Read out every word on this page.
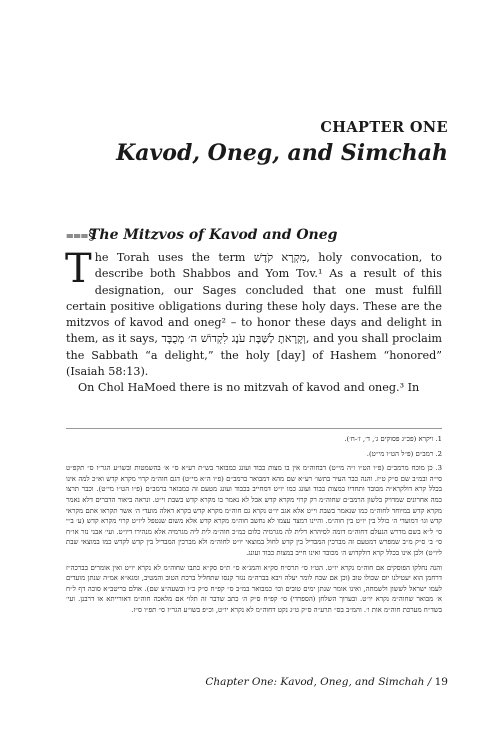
CHAPTER ONE
Kavod, Oneg, and Simchah
⩶§
The Mitzvos of Kavod and Oneg

The Torah uses the term מִקְרָא קֹדֶשׁ, holy convocation, to describe both Shabbos and Yom Tov.¹ As a result of this designation, our Sages concluded that one must fulfill certain positive obligations during these holy days. These are the mitzvos of kavod and oneg² – to honor these days and delight in them, as it says, וְקָרָאתָ לַשַּׁבָּת עֹנֶג לִקְדוֹשׁ ה׳ מְכֻבָּד, and you shall proclaim the Sabbath “a delight,” the holy [day] of Hashem “honored” (Isaiah 58:13).

On Chol HaMoed there is no mitzvah of kavod and oneg.³ In

1. ויקרא (פכ״ג פסוקים ג׳, ד׳, ז׳-ח׳).

2. רמב״ם (פ״ל הט״ו מי״ט).

3. כן מוכח מרמב״ם (פ״ו הט״ו ו״ה מי״ט) דבחוה״מ אין בו מצות כבוד ועונג כמבואר בש״ת רע״א ס״ א׳ בהשמטות ובשו״ע הגר״ז ס״ תקפ״ט סי״ה ובמ״ב שם ס״ק ט״ז. והנה כבר העיר בתשו׳ רע״א שם מהא דמבואר ברמב״ם (פ״ו ה״א מי״ט) דגם חוה״מ קרוי מקרא קדש וא״כ למה אינו בכלל קרא דולקרא״ה מכובד ותחדיו במצות כבוד ועונג כמו יו״ט דמחייב בכבוד ועונג מטעם זה כמבואר ברמב״ם (פ״ו הט״ו מי״ט). וכבר תרצו כמה אחרונים שמדויק בלשון הרמב״ם שחוה״מ רק קרוי מקרא קדש אבל לא נאמר בו מקרא קדש בשבת וי״ט. ונראה ביאור הדברים דלא נאמר מקרא קדש במיוחד לחוה״מ כמו שנאמר בשבת וי״ט אלא אגב יו״ט נקרא גם חוה״מ מקרא קדש בקרא דאלה מועדי ה׳ אשר תקראו אתם מקראי קדש וגו׳ דמועדי ה׳ כולל בין יו״ט בין חוה״מ. והיינו דמצד עצמו לא נחשב חוה״מ מקרא קדש אלא משום שנטפל ליו״ט קרוי מקרא קדש (ע׳ ב״י ס״ ל״א בשם מדרש הנעלם דחוה״מ דומה לסיהרא דלית לה מגרמיה כלום כמ״כ חוה״מ לית ליה מגרמיה אלא מנהירו דיו״ט. ועי׳ אבני נזר או״ח ס״ ב׳ ס״ק מ״ב שמפרש דמטעם זה מברכין המבדיל בין קדש לחול במוצאי יו״ט לחוה״מ ולא מברכין המבדיל בין קדש לקדש כמו במוצאי שבת ליו״ט) ולכן אינו בכלל קרא דולקדוש ה׳ מכובד ואינו חייב במצות כבוד ועונג.

והנה נחלקו הפוסקים אם חוה״מ נקרא יו״ט. הט״ז ס״ תרס״ח סק״א והמג״א ס״ ת״ס סק״א כתבו שחוה״מ לא נקרא יו״ט ואין אומרים בברכה״ז דרחמן הוא יעטילנו יום שכולו טוב (וכן אם שכח לומר יעלה ויבא בברה״מ נגזר קנסו שתחליל ברכת הטוב והמטיב, ומגא״א אמ״ה שנתן מועדים לעמו ישראל לששון ולשמחה, ואינו אומר שנתן ימים טובים וכו׳ כמבואר במ״ב ס״ קפ״ח ס״ק כ״ו ובשעה״צ שם). אולם בריטב״א סוכה דף ל״ח א׳ מבואר שחוה״מ נקרא יו״ט. ובערוך השלחן (הספרדי) ס״ קפ״ח ס״ק ה׳ כתב שדבר זה תלוי אם מלאכה חוה״מ דאורייתא או דרבנן. ועי׳ בשד״ח מערכת חוה״מ אות ו׳. והמ״ב בס״ תרע״ה ס״ק ט״ג נקט דחוה״מ לא נקרא יו״ט, וכ״פ בשו״ע הגר״ז ס״ תפ״ו ס״ז.

Chapter One: Kavod, Oneg, and Simchah / 19
